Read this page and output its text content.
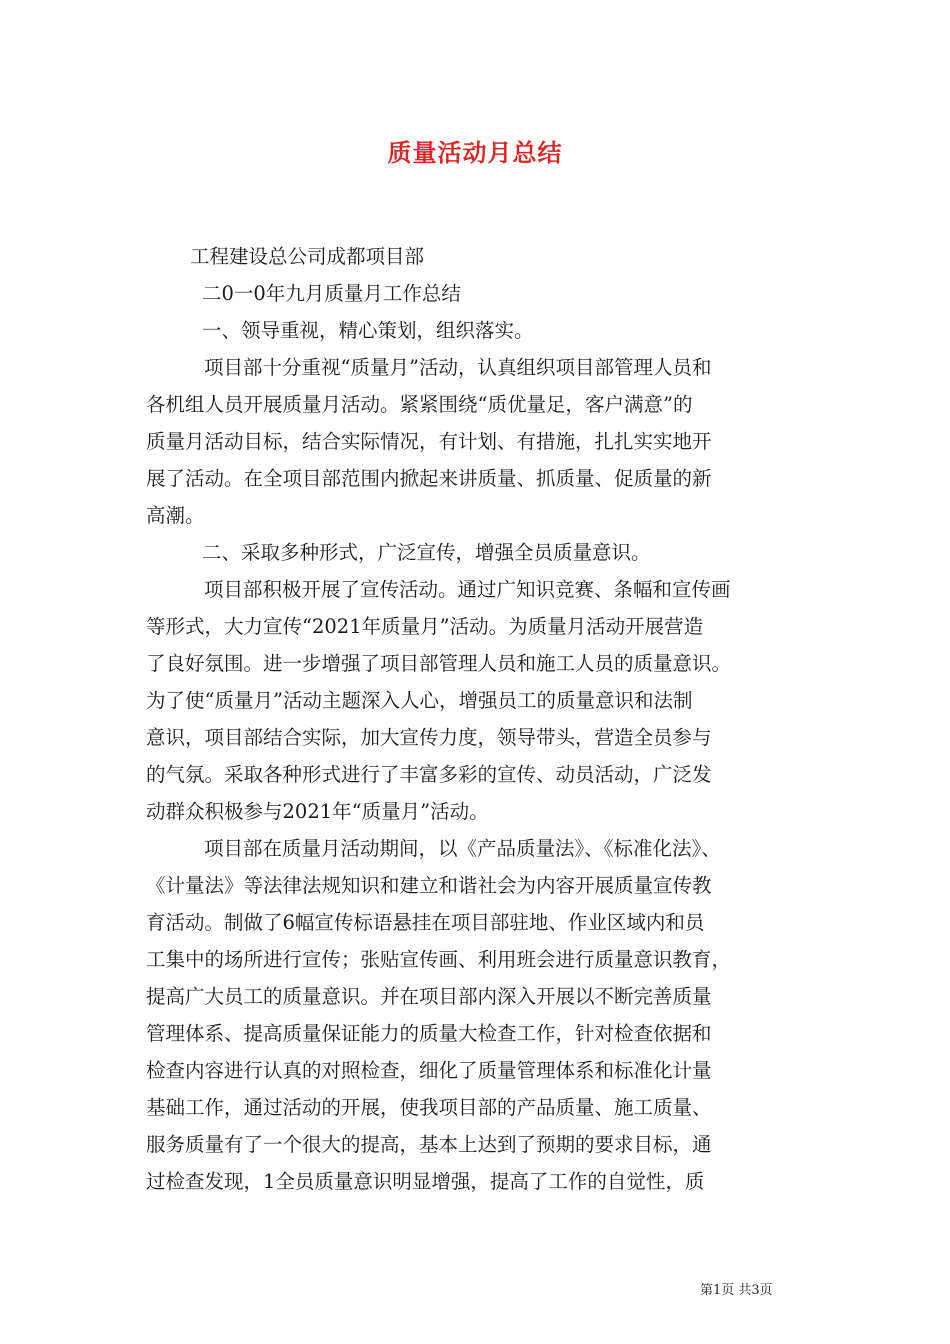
质量活动月总结
工程建设总公司成都项目部
二0一0年九月质量月工作总结
一、领导重视，精心策划，组织落实。
项目部十分重视“质量月”活动，认真组织项目部管理人员和
各机组人员开展质量月活动。紧紧围绕“质优量足，客户满意”的
质量月活动目标，结合实际情况，有计划、有措施，扎扎实实地开
展了活动。在全项目部范围内掀起来讲质量、抓质量、促质量的新
高潮。
二、采取多种形式，广泛宣传，增强全员质量意识。
项目部积极开展了宣传活动。通过广知识竞赛、条幅和宣传画
等形式，大力宣传“2021年质量月”活动。为质量月活动开展营造
了良好氛围。进一步增强了项目部管理人员和施工人员的质量意识。
为了使“质量月”活动主题深入人心，增强员工的质量意识和法制
意识，项目部结合实际，加大宣传力度，领导带头，营造全员参与
的气氛。采取各种形式进行了丰富多彩的宣传、动员活动，广泛发
动群众积极参与2021年“质量月”活动。
项目部在质量月活动期间，以《产品质量法》、《标准化法》、
《计量法》等法律法规知识和建立和谐社会为内容开展质量宣传教
育活动。制做了6幅宣传标语悬挂在项目部驻地、作业区域内和员
工集中的场所进行宣传；张贴宣传画、利用班会进行质量意识教育，
提高广大员工的质量意识。并在项目部内深入开展以不断完善质量
管理体系、提高质量保证能力的质量大检查工作，针对检查依据和
检查内容进行认真的对照检查，细化了质量管理体系和标准化计量
基础工作，通过活动的开展，使我项目部的产品质量、施工质量、
服务质量有了一个很大的提高，基本上达到了预期的要求目标，通
过检查发现，1全员质量意识明显增强，提高了工作的自觉性，质
第1页 共3页
